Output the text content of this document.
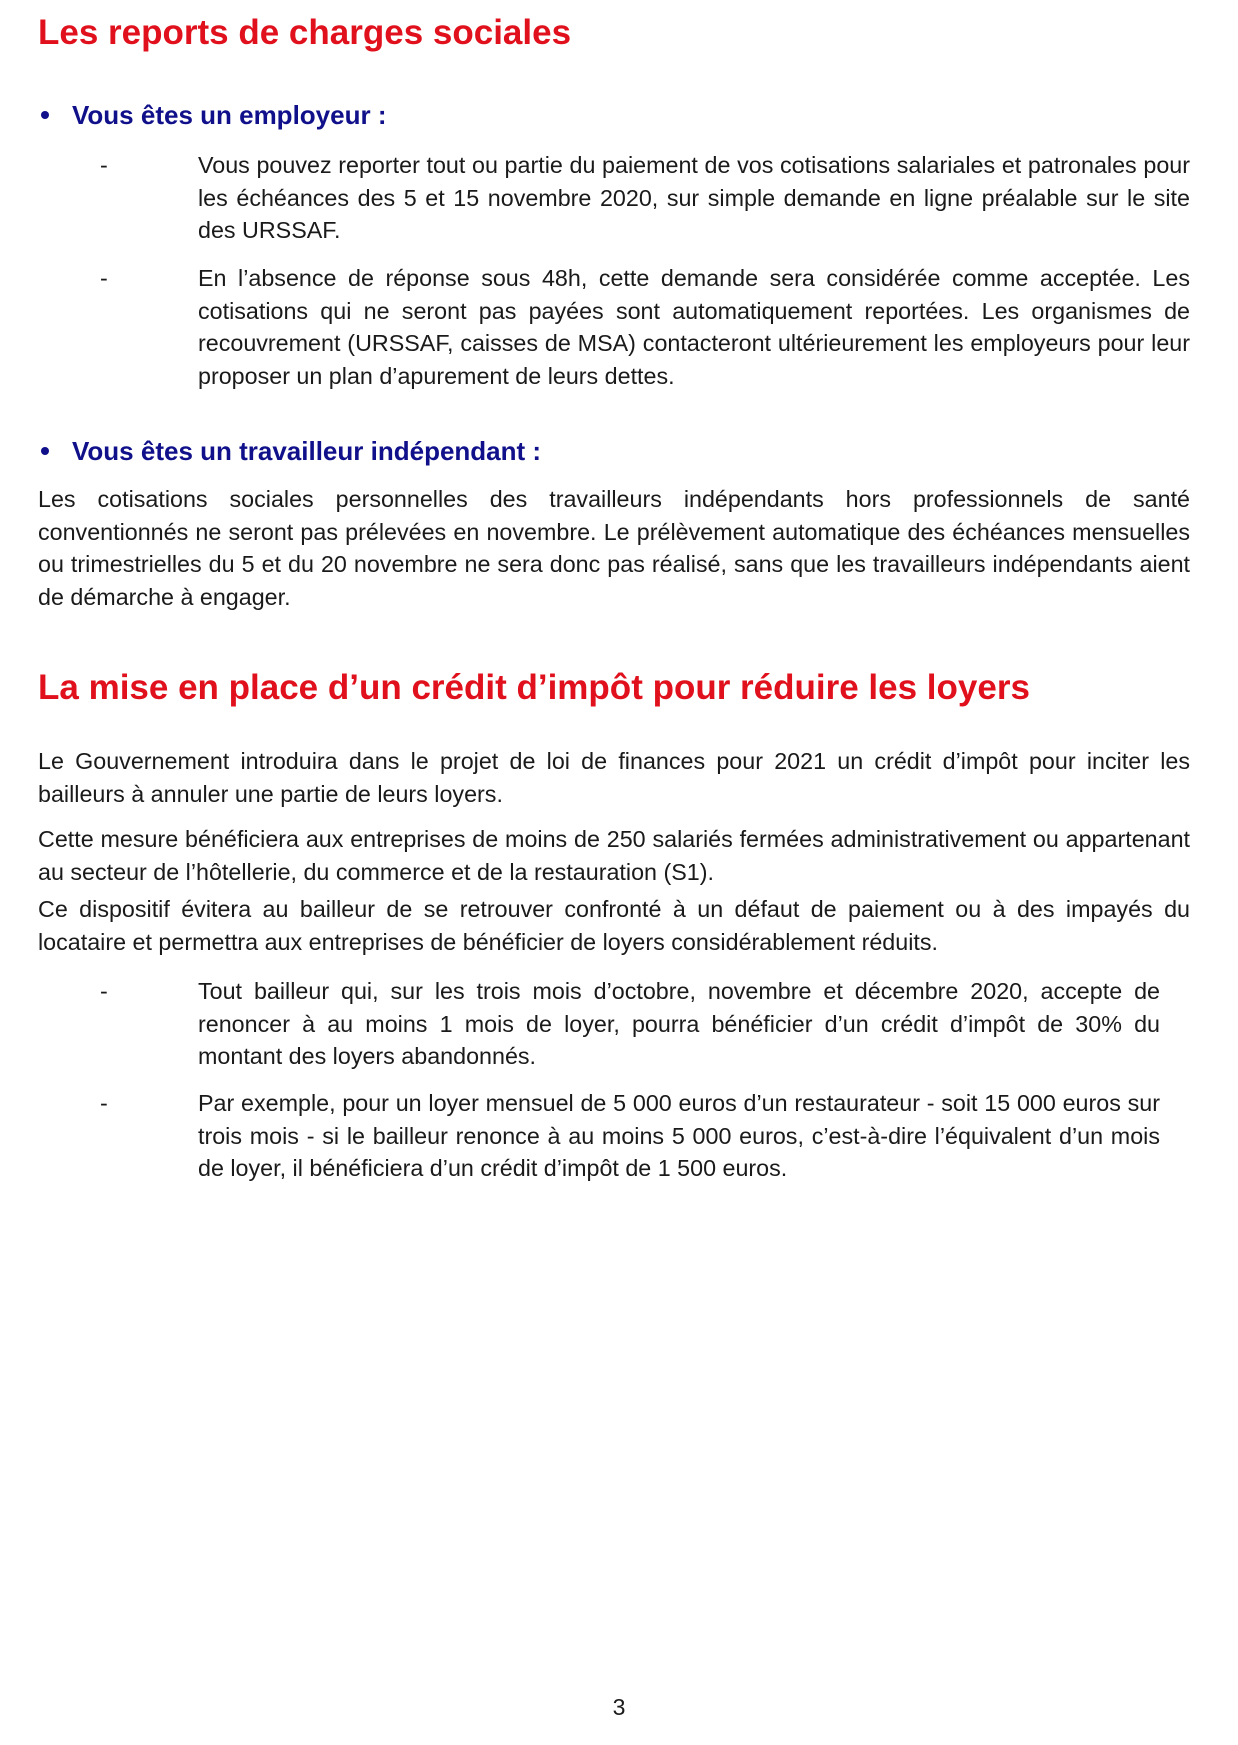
Les reports de charges sociales
Vous êtes un employeur :
-	Vous pouvez reporter tout ou partie du paiement de vos cotisations salariales et patronales pour les échéances des 5 et 15 novembre 2020, sur simple demande en ligne préalable sur le site des URSSAF.
-	En l’absence de réponse sous 48h, cette demande sera considérée comme acceptée. Les cotisations qui ne seront pas payées sont automatiquement reportées. Les organismes de recouvrement (URSSAF, caisses de MSA) contacteront ultérieurement les employeurs pour leur proposer un plan d’apurement de leurs dettes.
Vous êtes un travailleur indépendant :

Les cotisations sociales personnelles des travailleurs indépendants hors professionnels de santé conventionnés ne seront pas prélevées en novembre. Le prélèvement automatique des échéances mensuelles ou trimestrielles du 5 et du 20 novembre ne sera donc pas réalisé, sans que les travailleurs indépendants aient de démarche à engager.

La mise en place d’un crédit d’impôt pour réduire les loyers

Le Gouvernement introduira dans le projet de loi de finances pour 2021 un crédit d’impôt pour inciter les bailleurs à annuler une partie de leurs loyers.

Cette mesure bénéficiera aux entreprises de moins de 250 salariés fermées administrativement ou appartenant au secteur de l’hôtellerie, du commerce et de la restauration (S1).

Ce dispositif évitera au bailleur de se retrouver confronté à un défaut de paiement ou à des impayés du locataire et permettra aux entreprises de bénéficier de loyers considérablement réduits.

-	Tout bailleur qui, sur les trois mois d’octobre, novembre et décembre 2020, accepte de renoncer à au moins 1 mois de loyer, pourra bénéficier d’un crédit d’impôt de 30% du montant des loyers abandonnés.
-	Par exemple, pour un loyer mensuel de 5 000 euros d’un restaurateur - soit 15 000 euros sur trois mois - si le bailleur renonce à au moins 5 000 euros, c’est-à-dire l’équivalent d’un mois de loyer, il bénéficiera d’un crédit d’impôt de 1 500 euros.
3
